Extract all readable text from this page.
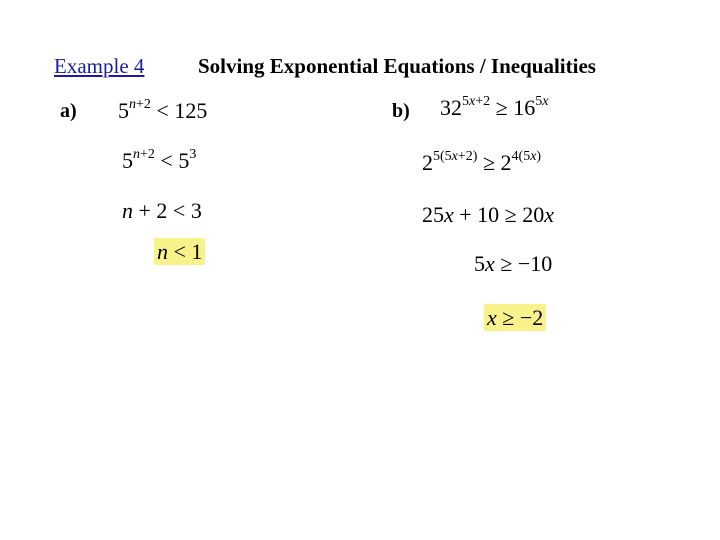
Example 4	Solving Exponential Equations / Inequalities
a)	b)
$5^{n+2} < 125$
$5^{n+2} < 5^3$
n + 2 < 3
n < 1
$32^{5x+2} \ge 16^{5x}$
$2^{5(5x+2)} \ge 2^{4(5x)}$
25x + 10 ≥ 20x
5x ≥ −10
x ≥ −2
